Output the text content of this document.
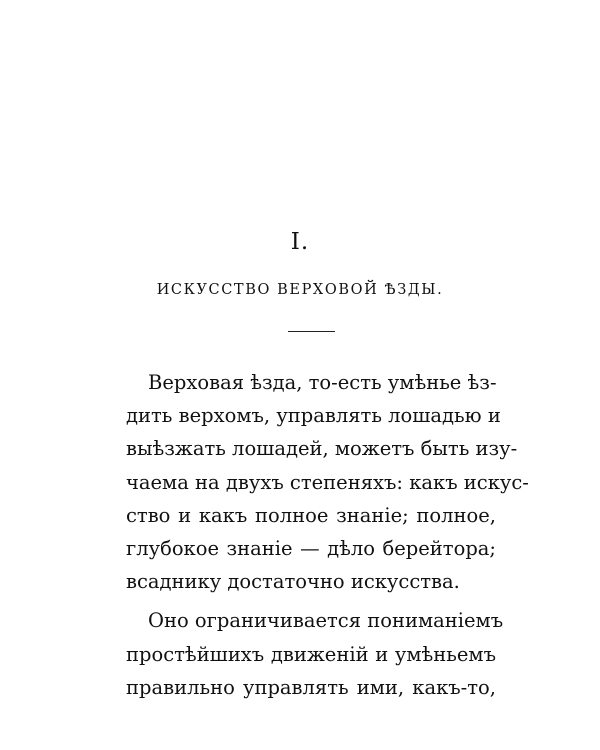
I.
ИСКУССТВО ВЕРХОВОЙ ѢЗДЫ.
Верховая ѣзда, то-есть умѣнье ѣз-
дить верхомъ, управлять лошадью и
выѣзжать лошадей, можетъ быть изу-
чаема на двухъ степеняхъ: какъ искус-
ство и какъ полное знаніе; полное,
глубокое знаніе — дѣло берейтора;
всаднику достаточно искусства.
Оно ограничивается пониманіемъ
простѣйшихъ движеній и умѣньемъ
правильно управлять ими, какъ-то,
